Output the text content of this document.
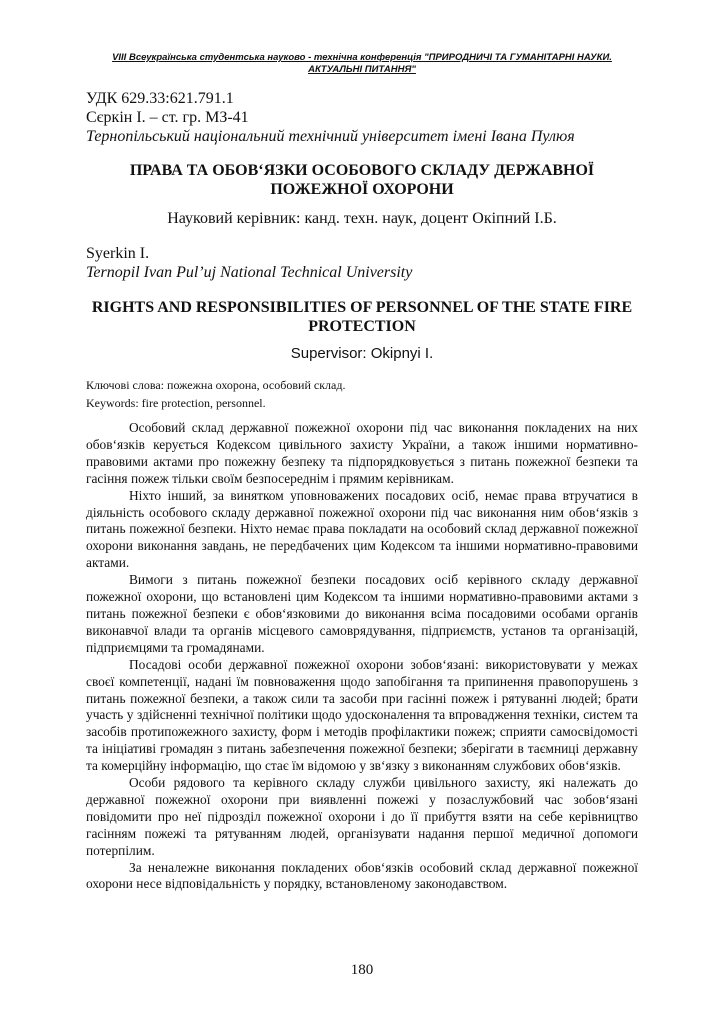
VIII Всеукраїнська студентська науково - технічна конференція "ПРИРОДНИЧІ ТА ГУМАНІТАРНІ НАУКИ. АКТУАЛЬНІ ПИТАННЯ"
УДК 629.33:621.791.1
Сєркін І. – ст. гр. МЗ-41
Тернопільський національний технічний університет імені Івана Пулюя
ПРАВА ТА ОБОВ‘ЯЗКИ ОСОБОВОГО СКЛАДУ ДЕРЖАВНОЇ ПОЖЕЖНОЇ ОХОРОНИ
Науковий керівник: канд. техн. наук, доцент Окіпний І.Б.
Syerkin I.
Ternopil Ivan Pul’uj National Technical University
RIGHTS AND RESPONSIBILITIES OF PERSONNEL OF THE STATE FIRE PROTECTION
Supervisor: Okipnyi I.
Ключові слова: пожежна охорона, особовий склад.
Keywords: fire protection, personnel.

Особовий склад державної пожежної охорони під час виконання покладених на них обов‘язків керується Кодексом цивільного захисту України, а також іншими нормативно-правовими актами про пожежну безпеку та підпорядковується з питань пожежної безпеки та гасіння пожеж тільки своїм безпосереднім і прямим керівникам.

Ніхто інший, за винятком уповноважених посадових осіб, немає права втручатися в діяльність особового складу державної пожежної охорони під час виконання ним обов‘язків з питань пожежної безпеки. Ніхто немає права покладати на особовий склад державної пожежної охорони виконання завдань, не передбачених цим Кодексом та іншими нормативно-правовими актами.

Вимоги з питань пожежної безпеки посадових осіб керівного складу державної пожежної охорони, що встановлені цим Кодексом та іншими нормативно-правовими актами з питань пожежної безпеки є обов‘язковими до виконання всіма посадовими особами органів виконавчої влади та органів місцевого самоврядування, підприємств, установ та організацій, підприємцями та громадянами.

Посадові особи державної пожежної охорони зобов‘язані: використовувати у межах своєї компетенції, надані їм повноваження щодо запобігання та припинення правопорушень з питань пожежної безпеки, а також сили та засоби при гасінні пожеж і рятуванні людей; брати участь у здійсненні технічної політики щодо удосконалення та впровадження техніки, систем та засобів протипожежного захисту, форм і методів профілактики пожеж; сприяти самосвідомості та ініціативі громадян з питань забезпечення пожежної безпеки; зберігати в таємниці державну та комерційну інформацію, що стає їм відомою у зв‘язку з виконанням службових обов‘язків.

Особи рядового та керівного складу служби цивільного захисту, які належать до державної пожежної охорони при виявленні пожежі у позаслужбовий час зобов‘язані повідомити про неї підрозділ пожежної охорони і до її прибуття взяти на себе керівництво гасінням пожежі та рятуванням людей, організувати надання першої медичної допомоги потерпілим.

За неналежне виконання покладених обов‘язків особовий склад державної пожежної охорони несе відповідальність у порядку, встановленому законодавством.

180
